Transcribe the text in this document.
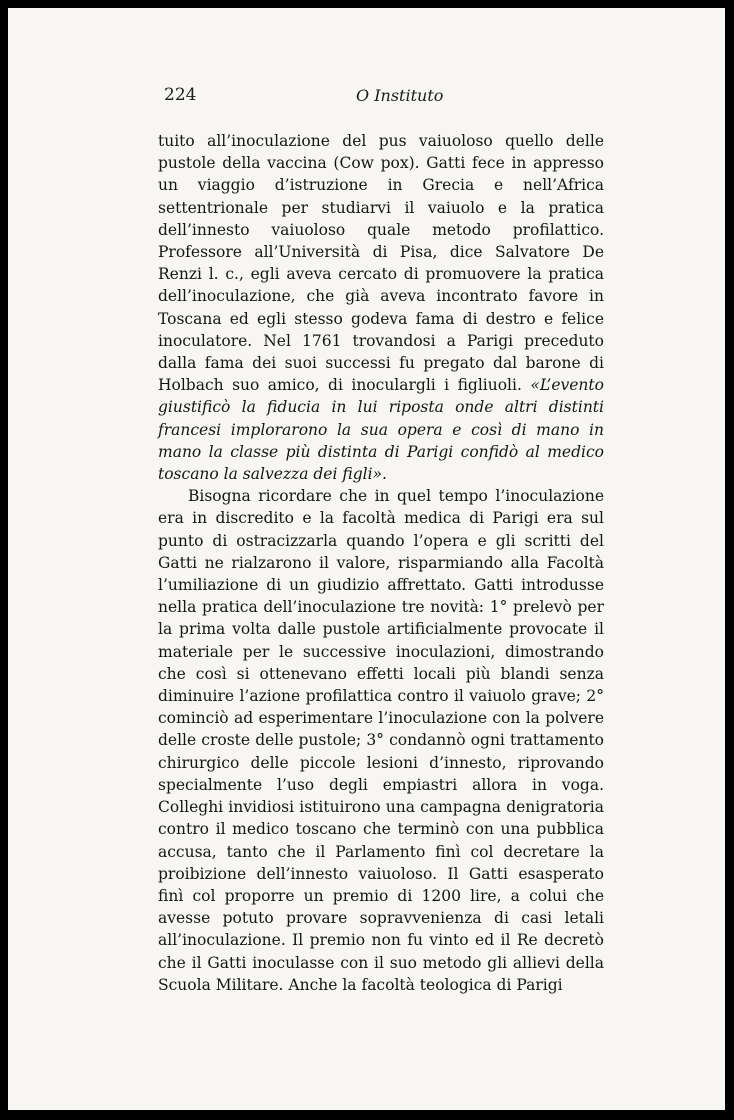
224	O Instituto

tuito all’inoculazione del pus vaiuoloso quello delle pustole della vaccina (Cow pox). Gatti fece in appresso un viaggio d’istruzione in Grecia e nell’Africa settentrionale per studiarvi il vaiuolo e la pratica dell’innesto vaiuoloso quale metodo profilattico. Professore all’Università di Pisa, dice Salvatore De Renzi l. c., egli aveva cercato di promuovere la pratica dell’inoculazione, che già aveva incontrato favore in Toscana ed egli stesso godeva fama di destro e felice inoculatore. Nel 1761 trovandosi a Parigi preceduto dalla fama dei suoi successi fu pregato dal barone di Holbach suo amico, di inoculargli i figliuoli. «L’evento giustificò la fiducia in lui riposta onde altri distinti francesi implorarono la sua opera e così di mano in mano la classe più distinta di Parigi confidò al medico toscano la salvezza dei figli».

Bisogna ricordare che in quel tempo l’inoculazione era in discredito e la facoltà medica di Parigi era sul punto di ostracizzarla quando l’opera e gli scritti del Gatti ne rialzarono il valore, risparmiando alla Facoltà l’umiliazione di un giudizio affrettato. Gatti introdusse nella pratica dell’inoculazione tre novità: 1° prelevò per la prima volta dalle pustole artificialmente provocate il materiale per le successive inoculazioni, dimostrando che così si ottenevano effetti locali più blandi senza diminuire l’azione profilattica contro il vaiuolo grave; 2° cominciò ad esperimentare l’inoculazione con la polvere delle croste delle pustole; 3° condannò ogni trattamento chirurgico delle piccole lesioni d’innesto, riprovando specialmente l’uso degli empiastri allora in voga. Colleghi invidiosi istituirono una campagna denigratoria contro il medico toscano che terminò con una pubblica accusa, tanto che il Parlamento finì col decretare la proibizione dell’innesto vaiuoloso. Il Gatti esasperato finì col proporre un premio di 1200 lire, a colui che avesse potuto provare sopravvenienza di casi letali all’inoculazione. Il premio non fu vinto ed il Re decretò che il Gatti inoculasse con il suo metodo gli allievi della Scuola Militare. Anche la facoltà teologica di Parigi
